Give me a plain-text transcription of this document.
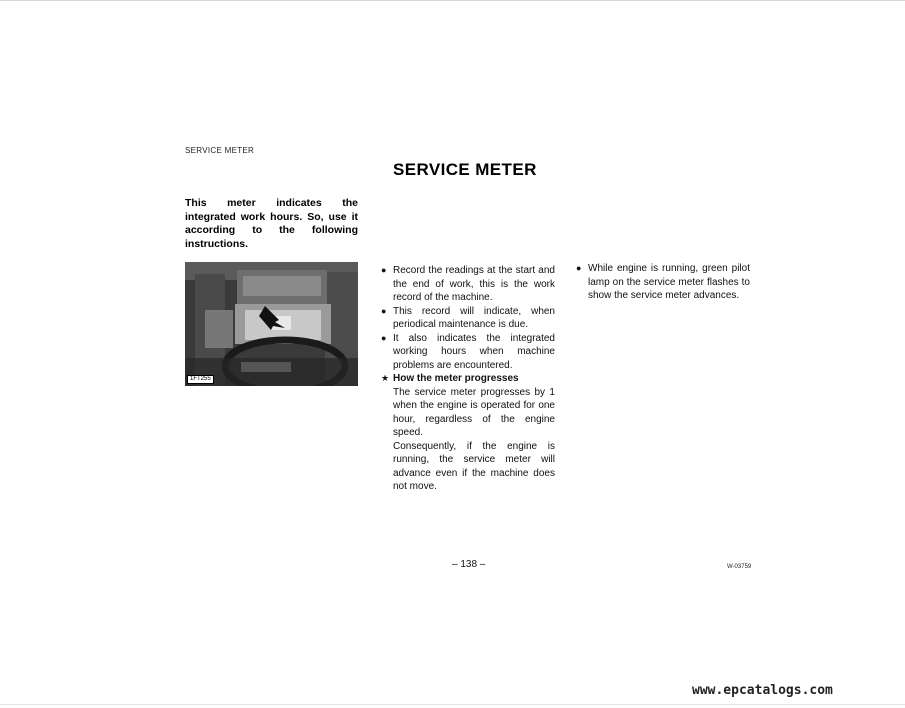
SERVICE METER
SERVICE METER
This meter indicates the integrated work hours. So, use it according to the following instructions.
1FT255
● Record the readings at the start and the end of work, this is the work record of the machine.
● This record will indicate, when periodical maintenance is due.
● It also indicates the integrated working hours when machine problems are encountered.
★ How the meter progresses
The service meter progresses by 1 when the engine is operated for one hour, regardless of the engine speed.
Consequently, if the engine is running, the service meter will advance even if the machine does not move.
● While engine is running, green pilot lamp on the service meter flashes to show the service meter advances.
– 138 –	W-03759
www.epcatalogs.com
